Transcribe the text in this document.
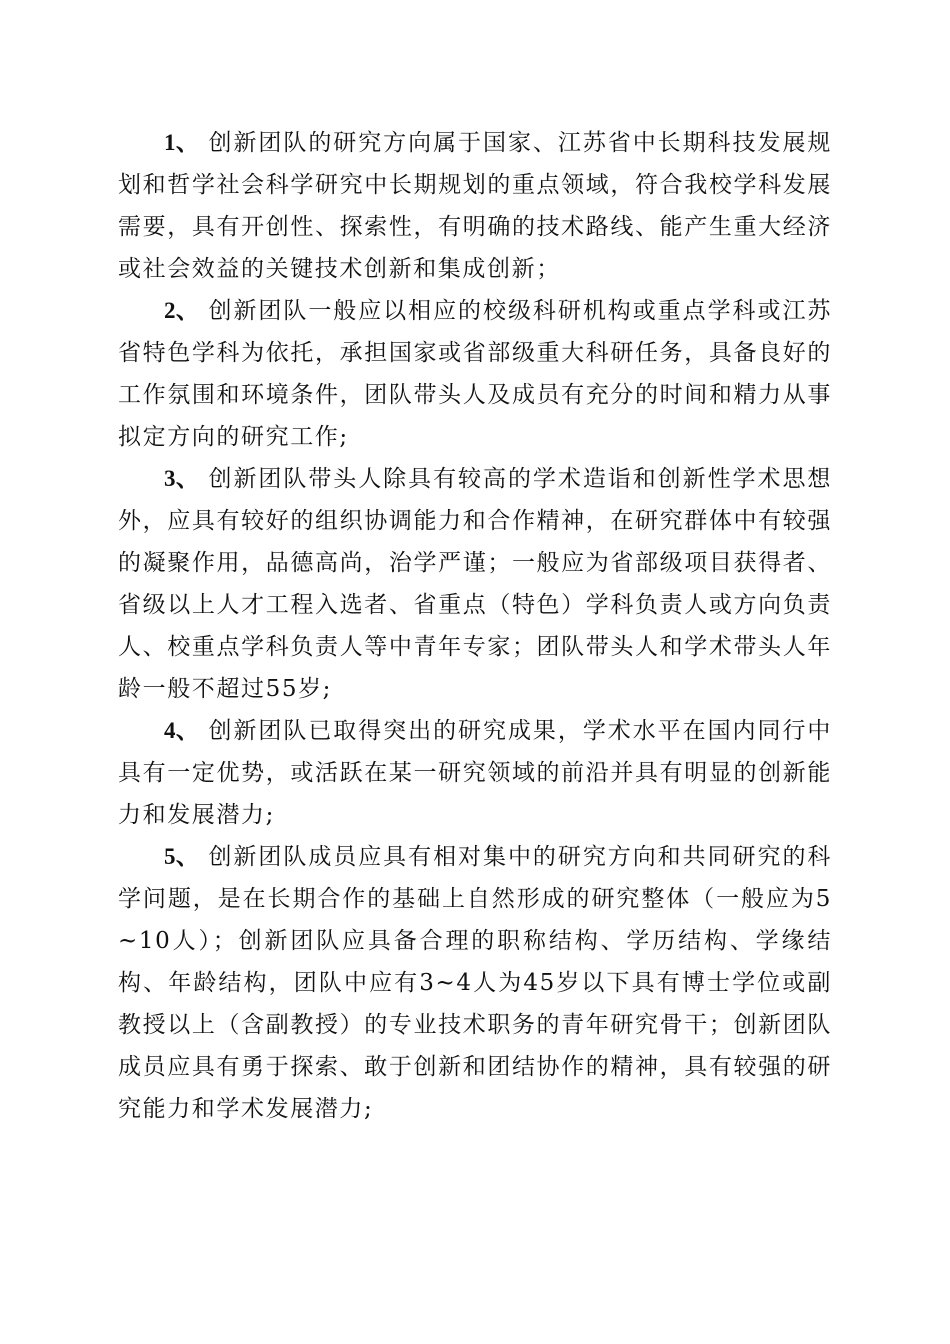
1、 创新团队的研究方向属于国家、江苏省中长期科技发展规划和哲学社会科学研究中长期规划的重点领域，符合我校学科发展需要，具有开创性、探索性，有明确的技术路线、能产生重大经济或社会效益的关键技术创新和集成创新；

2、 创新团队一般应以相应的校级科研机构或重点学科或江苏省特色学科为依托，承担国家或省部级重大科研任务，具备良好的工作氛围和环境条件，团队带头人及成员有充分的时间和精力从事拟定方向的研究工作;

3、 创新团队带头人除具有较高的学术造诣和创新性学术思想外，应具有较好的组织协调能力和合作精神，在研究群体中有较强的凝聚作用，品德高尚，治学严谨；一般应为省部级项目获得者、省级以上人才工程入选者、省重点（特色）学科负责人或方向负责人、校重点学科负责人等中青年专家；团队带头人和学术带头人年龄一般不超过55岁;

4、 创新团队已取得突出的研究成果，学术水平在国内同行中具有一定优势，或活跃在某一研究领域的前沿并具有明显的创新能力和发展潜力;

5、 创新团队成员应具有相对集中的研究方向和共同研究的科学问题，是在长期合作的基础上自然形成的研究整体（一般应为5~10人）；创新团队应具备合理的职称结构、学历结构、学缘结构、年龄结构，团队中应有3~4人为45岁以下具有博士学位或副教授以上（含副教授）的专业技术职务的青年研究骨干；创新团队成员应具有勇于探索、敢于创新和团结协作的精神，具有较强的研究能力和学术发展潜力;
